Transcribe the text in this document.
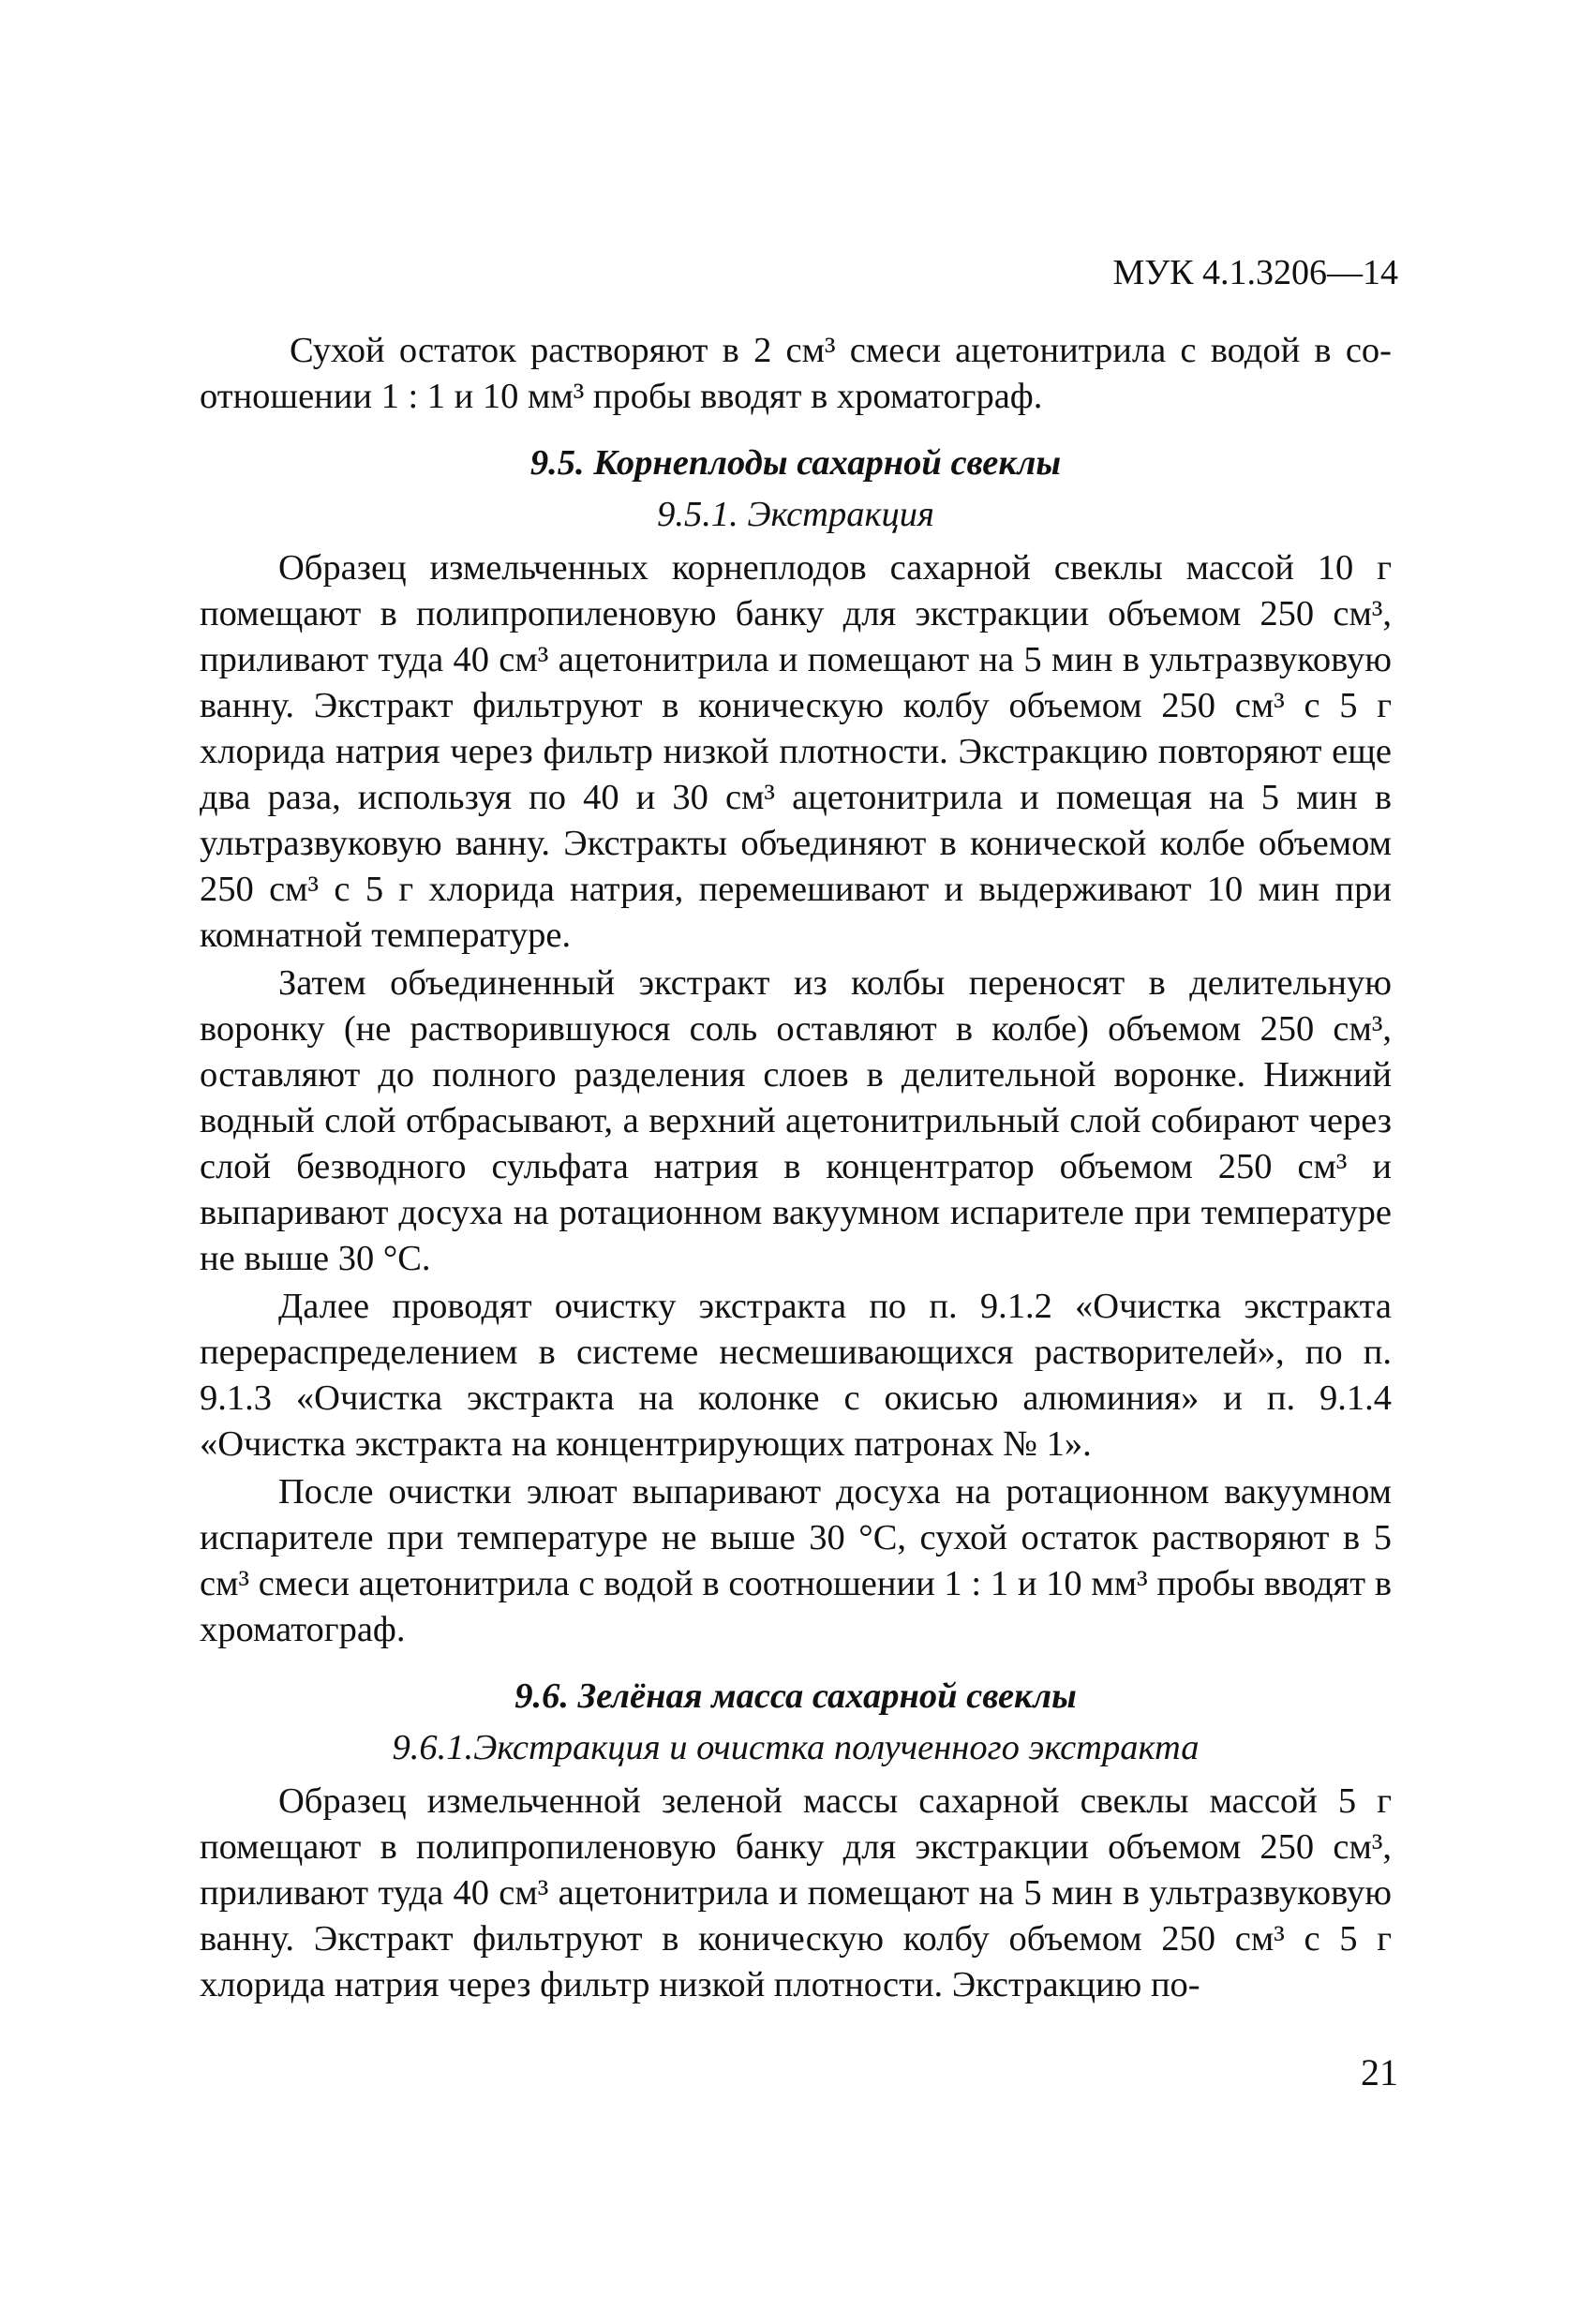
МУК 4.1.3206—14

Сухой остаток растворяют в 2 см³ смеси ацетонитрила с водой в соотношении 1 : 1 и 10 мм³ пробы вводят в хроматограф.

9.5. Корнеплоды сахарной свеклы
9.5.1. Экстракция

Образец измельченных корнеплодов сахарной свеклы массой 10 г помещают в полипропиленовую банку для экстракции объемом 250 см³, приливают туда 40 см³ ацетонитрила и помещают на 5 мин в ультразвуковую ванну. Экстракт фильтруют в коническую колбу объемом 250 см³ с 5 г хлорида натрия через фильтр низкой плотности. Экстракцию повторяют еще два раза, используя по 40 и 30 см³ ацетонитрила и помещая на 5 мин в ультразвуковую ванну. Экстракты объединяют в конической колбе объемом 250 см³ с 5 г хлорида натрия, перемешивают и выдерживают 10 мин при комнатной температуре.

Затем объединенный экстракт из колбы переносят в делительную воронку (не растворившуюся соль оставляют в колбе) объемом 250 см³, оставляют до полного разделения слоев в делительной воронке. Нижний водный слой отбрасывают, а верхний ацетонитрильный слой собирают через слой безводного сульфата натрия в концентратор объемом 250 см³ и выпаривают досуха на ротационном вакуумном испарителе при температуре не выше 30 °С.

Далее проводят очистку экстракта по п. 9.1.2 «Очистка экстракта перераспределением в системе несмешивающихся растворителей», по п. 9.1.3 «Очистка экстракта на колонке с окисью алюминия» и п. 9.1.4 «Очистка экстракта на концентрирующих патронах № 1».

После очистки элюат выпаривают досуха на ротационном вакуумном испарителе при температуре не выше 30 °С, сухой остаток растворяют в 5 см³ смеси ацетонитрила с водой в соотношении 1 : 1 и 10 мм³ пробы вводят в хроматограф.

9.6. Зелёная масса сахарной свеклы
9.6.1.Экстракция и очистка полученного экстракта

Образец измельченной зеленой массы сахарной свеклы массой 5 г помещают в полипропиленовую банку для экстракции объемом 250 см³, приливают туда 40 см³ ацетонитрила и помещают на 5 мин в ультразвуковую ванну. Экстракт фильтруют в коническую колбу объемом 250 см³ с 5 г хлорида натрия через фильтр низкой плотности. Экстракцию по-

21
